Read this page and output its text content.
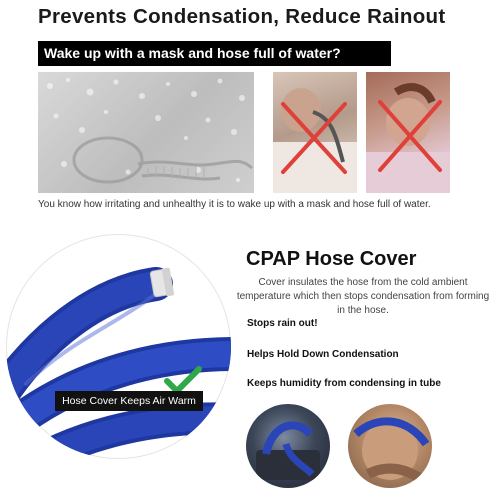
Prevents Condensation, Reduce Rainout
Wake up with a mask and hose full of water?
You know how irritating and unhealthy it is to wake up with a mask and hose full of water.
Hose Cover Keeps Air Warm
CPAP Hose Cover
Cover insulates the hose from the cold ambient temperature which then stops condensation from forming in the hose.
Stops rain out!
Helps Hold Down Condensation
Keeps humidity from condensing in tube
